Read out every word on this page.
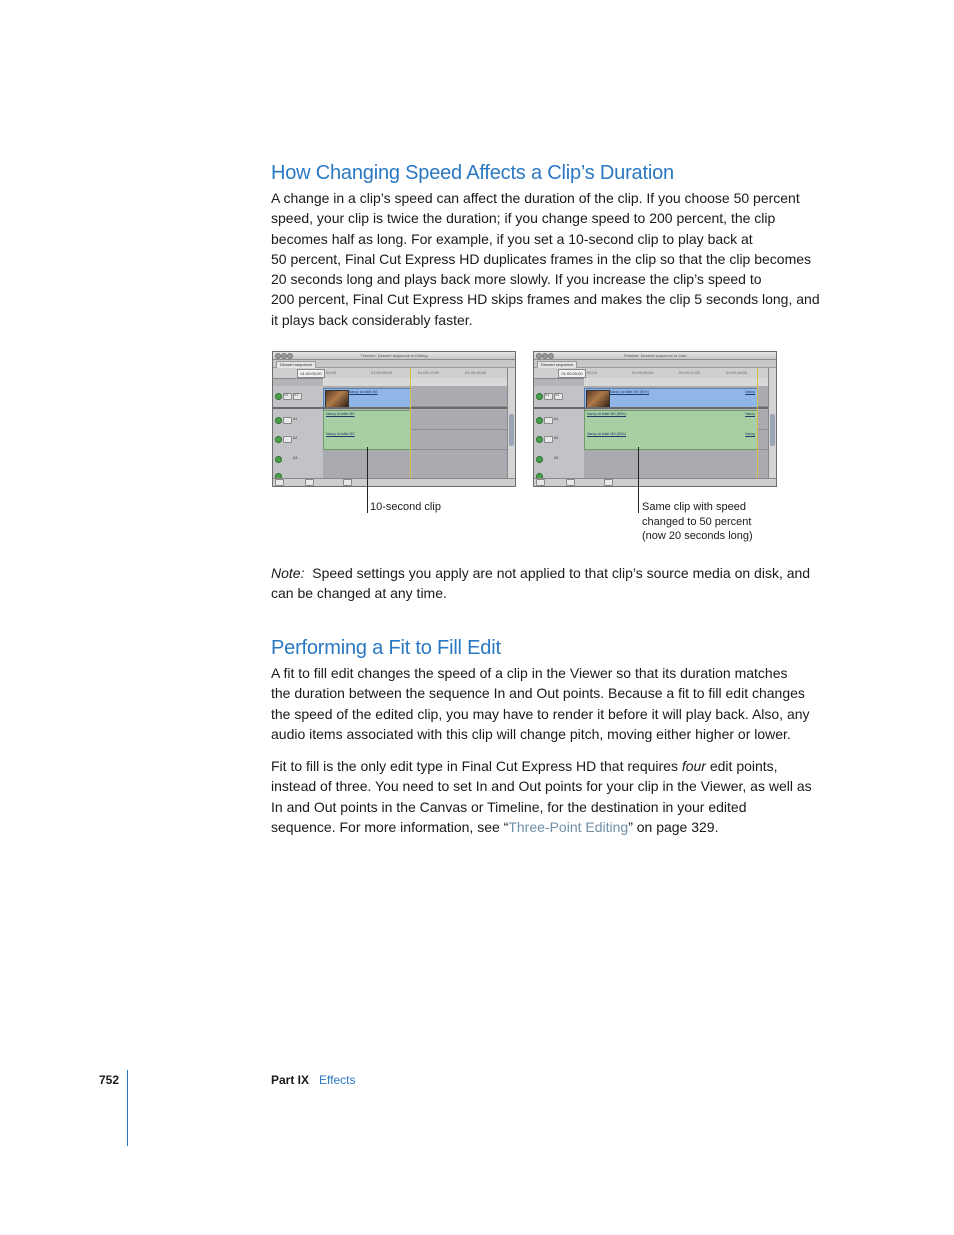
How Changing Speed Affects a Clip’s Duration

A change in a clip’s speed can affect the duration of the clip. If you choose 50 percent
speed, your clip is twice the duration; if you change speed to 200 percent, the clip
becomes half as long. For example, if you set a 10-second clip to play back at
50 percent, Final Cut Express HD duplicates frames in the clip so that the clip becomes
20 seconds long and plays back more slowly. If you increase the clip’s speed to
200 percent, Final Cut Express HD skips frames and makes the clip 5 seconds long, and
it plays back considerably faster.

Timeline: Dessert sequence in Editing
Dessert sequence
01:00:00;00	00;00	01:00:06;00	01:00:12;00	01:00:18;00
V1 V1
A1
A2
A3
Nancy at table MS
Nancy at table MS
Nancy at table MS
Timeline: Dessert sequence in Cafe
Dessert sequence
01:00:20;00	00;00	01:00:06;00	01:00:12;00	01:00:18;00
V1 V1
A1
A2
A3
Nancy at table MS (50%)	Nancy
Nancy at table MS (50%)	Nancy
Nancy at table MS (50%)	Nancy
10-second clip	Same clip with speed
changed to 50 percent
(now 20 seconds long)

Note: Speed settings you apply are not applied to that clip’s source media on disk, and
can be changed at any time.

Performing a Fit to Fill Edit

A fit to fill edit changes the speed of a clip in the Viewer so that its duration matches
the duration between the sequence In and Out points. Because a fit to fill edit changes
the speed of the edited clip, you may have to render it before it will play back. Also, any
audio items associated with this clip will change pitch, moving either higher or lower.

Fit to fill is the only edit type in Final Cut Express HD that requires four edit points,
instead of three. You need to set In and Out points for your clip in the Viewer, as well as
In and Out points in the Canvas or Timeline, for the destination in your edited
sequence. For more information, see “Three-Point Editing” on page 329.

752	Part IX Effects
